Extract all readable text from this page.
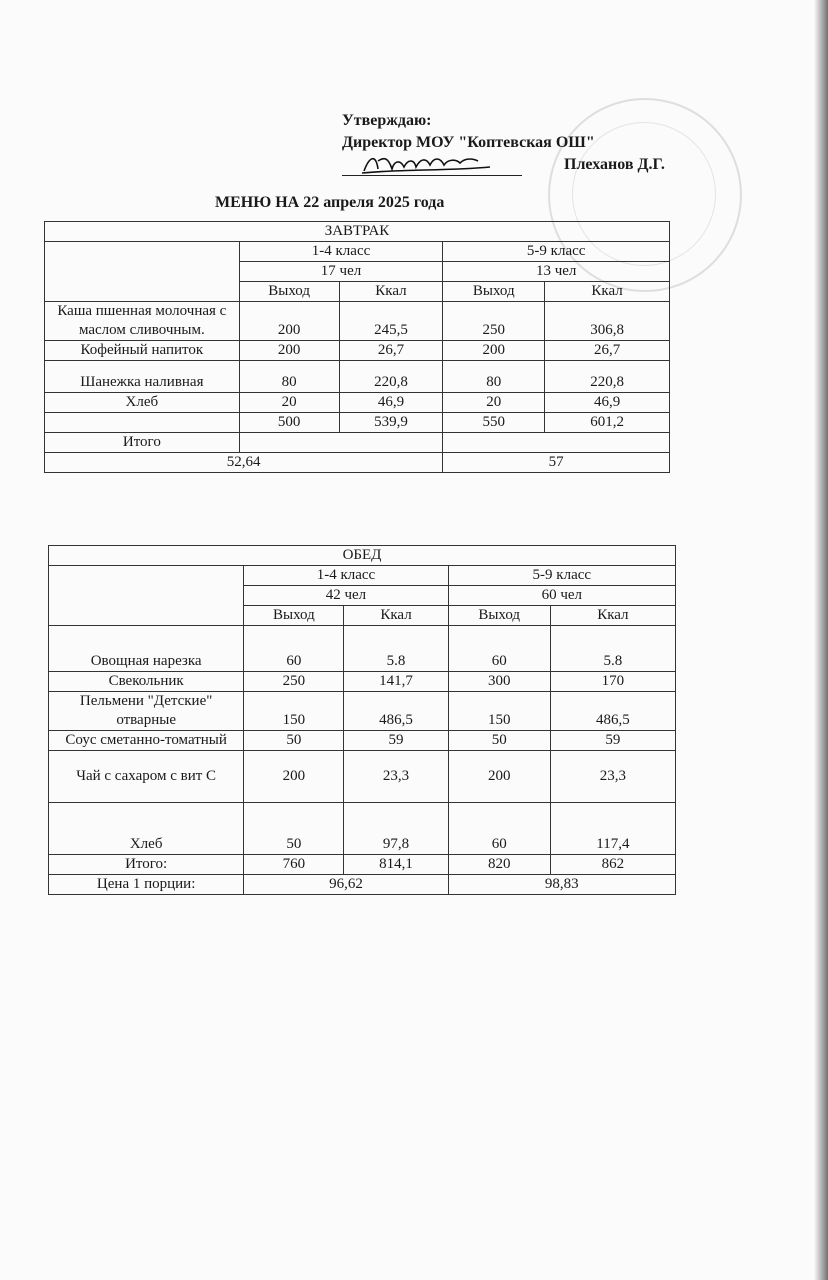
Утверждаю:
Директор МОУ "Коптевская ОШ"
Плеханов Д.Г.
МЕНЮ НА 22 апреля 2025 года
ЗАВТРАК				
	1-4 класс		5-9 класс	
	17 чел		13 чел	
	Выход	Ккал	Выход	Ккал
Каша пшенная молочная с маслом сливочным.	200	245,5	250	306,8
Кофейный напиток	200	26,7	200	26,7
Шанежка наливная	80	220,8	80	220,8
Хлеб	20	46,9	20	46,9
	500	539,9	550	601,2
Итого				
52,64			57	
ОБЕД				
	1-4 класс		5-9 класс	
	42 чел		60 чел	
	Выход	Ккал	Выход	Ккал
Овощная нарезка	60	5.8	60	5.8
Свекольник	250	141,7	300	170
Пельмени "Детские" отварные	150	486,5	150	486,5
Соус сметанно-томатный	50	59	50	59
Чай с сахаром с вит С	200	23,3	200	23,3
Хлеб	50	97,8	60	117,4
Итого:	760	814,1	820	862
Цена 1 порции:	96,62		98,83	
